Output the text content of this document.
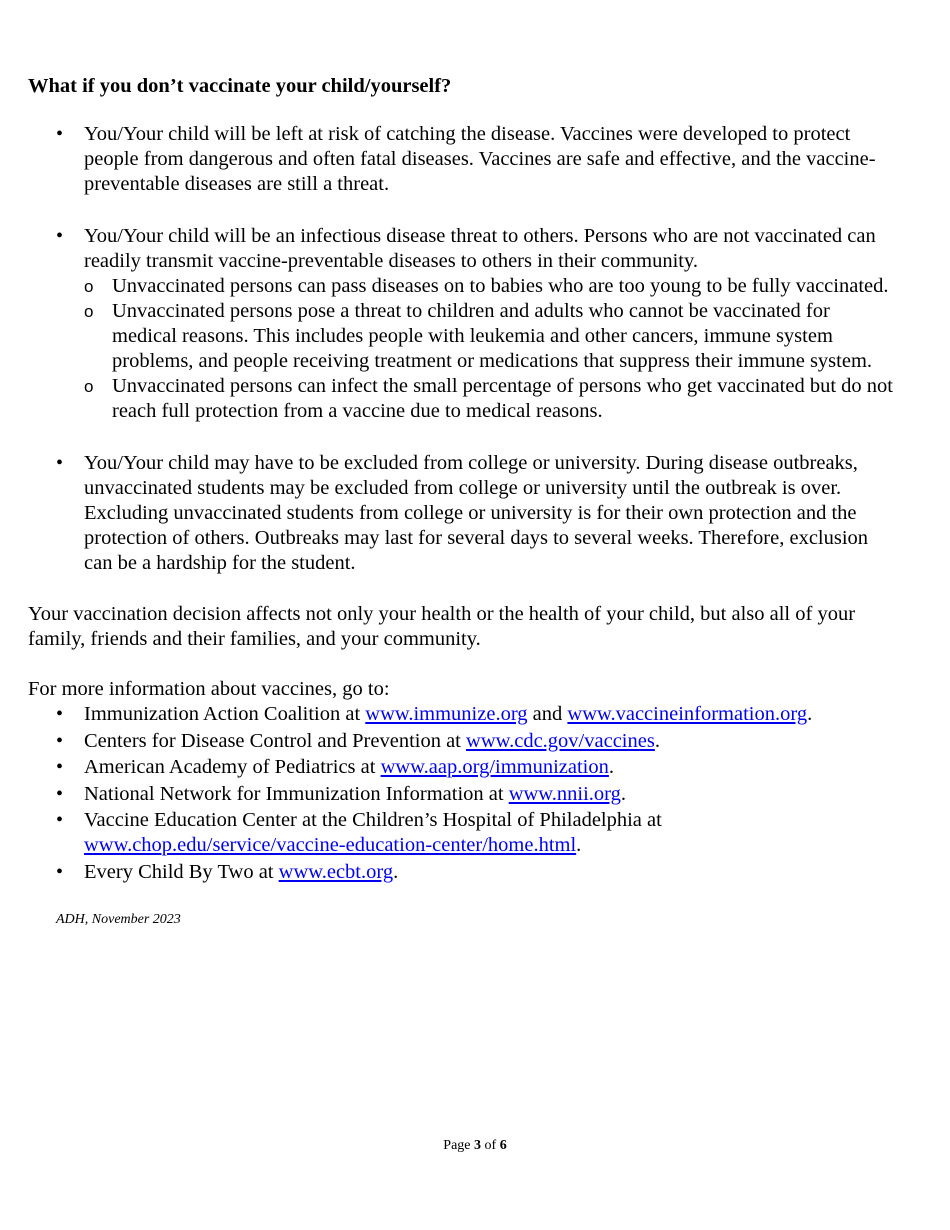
What if you don’t vaccinate your child/yourself?
• You/Your child will be left at risk of catching the disease. Vaccines were developed to protect people from dangerous and often fatal diseases. Vaccines are safe and effective, and the vaccine-preventable diseases are still a threat.
• You/Your child will be an infectious disease threat to others. Persons who are not vaccinated can readily transmit vaccine-preventable diseases to others in their community.
o Unvaccinated persons can pass diseases on to babies who are too young to be fully vaccinated.
o Unvaccinated persons pose a threat to children and adults who cannot be vaccinated for medical reasons. This includes people with leukemia and other cancers, immune system problems, and people receiving treatment or medications that suppress their immune system.
o Unvaccinated persons can infect the small percentage of persons who get vaccinated but do not reach full protection from a vaccine due to medical reasons.
• You/Your child may have to be excluded from college or university. During disease outbreaks, unvaccinated students may be excluded from college or university until the outbreak is over. Excluding unvaccinated students from college or university is for their own protection and the protection of others. Outbreaks may last for several days to several weeks. Therefore, exclusion can be a hardship for the student.

Your vaccination decision affects not only your health or the health of your child, but also all of your family, friends and their families, and your community.

For more information about vaccines, go to:

• Immunization Action Coalition at www.immunize.org and www.vaccineinformation.org.
• Centers for Disease Control and Prevention at www.cdc.gov/vaccines.
• American Academy of Pediatrics at www.aap.org/immunization.
• National Network for Immunization Information at www.nnii.org.
• Vaccine Education Center at the Children’s Hospital of Philadelphia at www.chop.edu/service/vaccine-education-center/home.html.
• Every Child By Two at www.ecbt.org.
ADH, November 2023
Page 3 of 6
